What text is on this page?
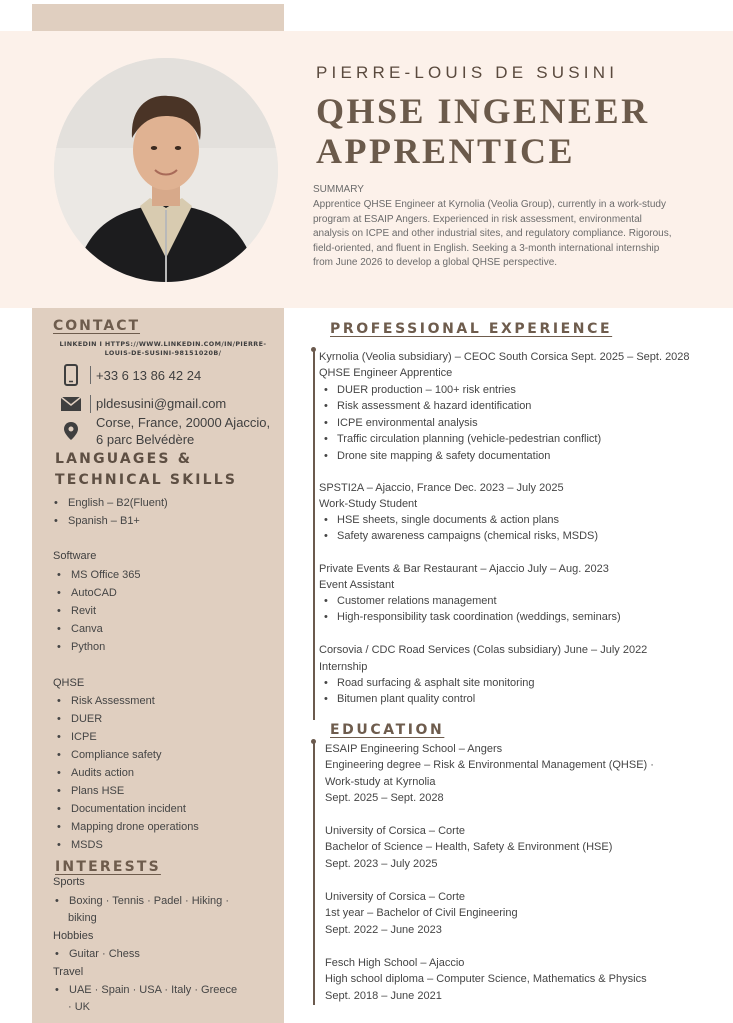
PIERRE-LOUIS DE SUSINI
QHSE INGENEER
APPRENTICE
SUMMARY
Apprentice QHSE Engineer at Kyrnolia (Veolia Group), currently in a work-study program at ESAIP Angers. Experienced in risk assessment, environmental analysis on ICPE and other industrial sites, and regulatory compliance. Rigorous, field-oriented, and fluent in English. Seeking a 3-month international internship from June 2026 to develop a global QHSE perspective.
CONTACT
LINKEDIN I HTTPS://WWW.LINKEDIN.COM/IN/PIERRE-LOUIS-DE-SUSINI-98151020B/
+33 6 13 86 42 24
pldesusini@gmail.com
Corse, France, 20000 Ajaccio,
6 parc Belvédère
LANGUAGES &
TECHNICAL SKILLS
• English – B2(Fluent)
• Spanish – B1+
Software
• MS Office 365
• AutoCAD
• Revit
• Canva
• Python
QHSE
• Risk Assessment
• DUER
• ICPE
• Compliance safety
• Audits action
• Plans HSE
• Documentation incident
• Mapping drone operations
• MSDS
INTERESTS
Sports
• Boxing · Tennis · Padel · Hiking ·
biking
Hobbies
• Guitar · Chess
Travel
• UAE · Spain · USA · Italy · Greece
· UK
PROFESSIONAL EXPERIENCE
Kyrnolia (Veolia subsidiary) – CEOC South Corsica Sept. 2025 – Sept. 2028
QHSE Engineer Apprentice
• DUER production – 100+ risk entries
• Risk assessment & hazard identification
• ICPE environmental analysis
• Traffic circulation planning (vehicle-pedestrian conflict)
• Drone site mapping & safety documentation
SPSTI2A – Ajaccio, France Dec. 2023 – July 2025
Work-Study Student
• HSE sheets, single documents & action plans
• Safety awareness campaigns (chemical risks, MSDS)
Private Events & Bar Restaurant – Ajaccio July – Aug. 2023
Event Assistant
• Customer relations management
• High-responsibility task coordination (weddings, seminars)
Corsovia / CDC Road Services (Colas subsidiary) June – July 2022
Internship
• Road surfacing & asphalt site monitoring
• Bitumen plant quality control
EDUCATION
ESAIP Engineering School – Angers
Engineering degree – Risk & Environmental Management (QHSE) ·
Work-study at Kyrnolia
Sept. 2025 – Sept. 2028
University of Corsica – Corte
Bachelor of Science – Health, Safety & Environment (HSE)
Sept. 2023 – July 2025
University of Corsica – Corte
1st year – Bachelor of Civil Engineering
Sept. 2022 – June 2023
Fesch High School – Ajaccio
High school diploma – Computer Science, Mathematics & Physics
Sept. 2018 – June 2021
